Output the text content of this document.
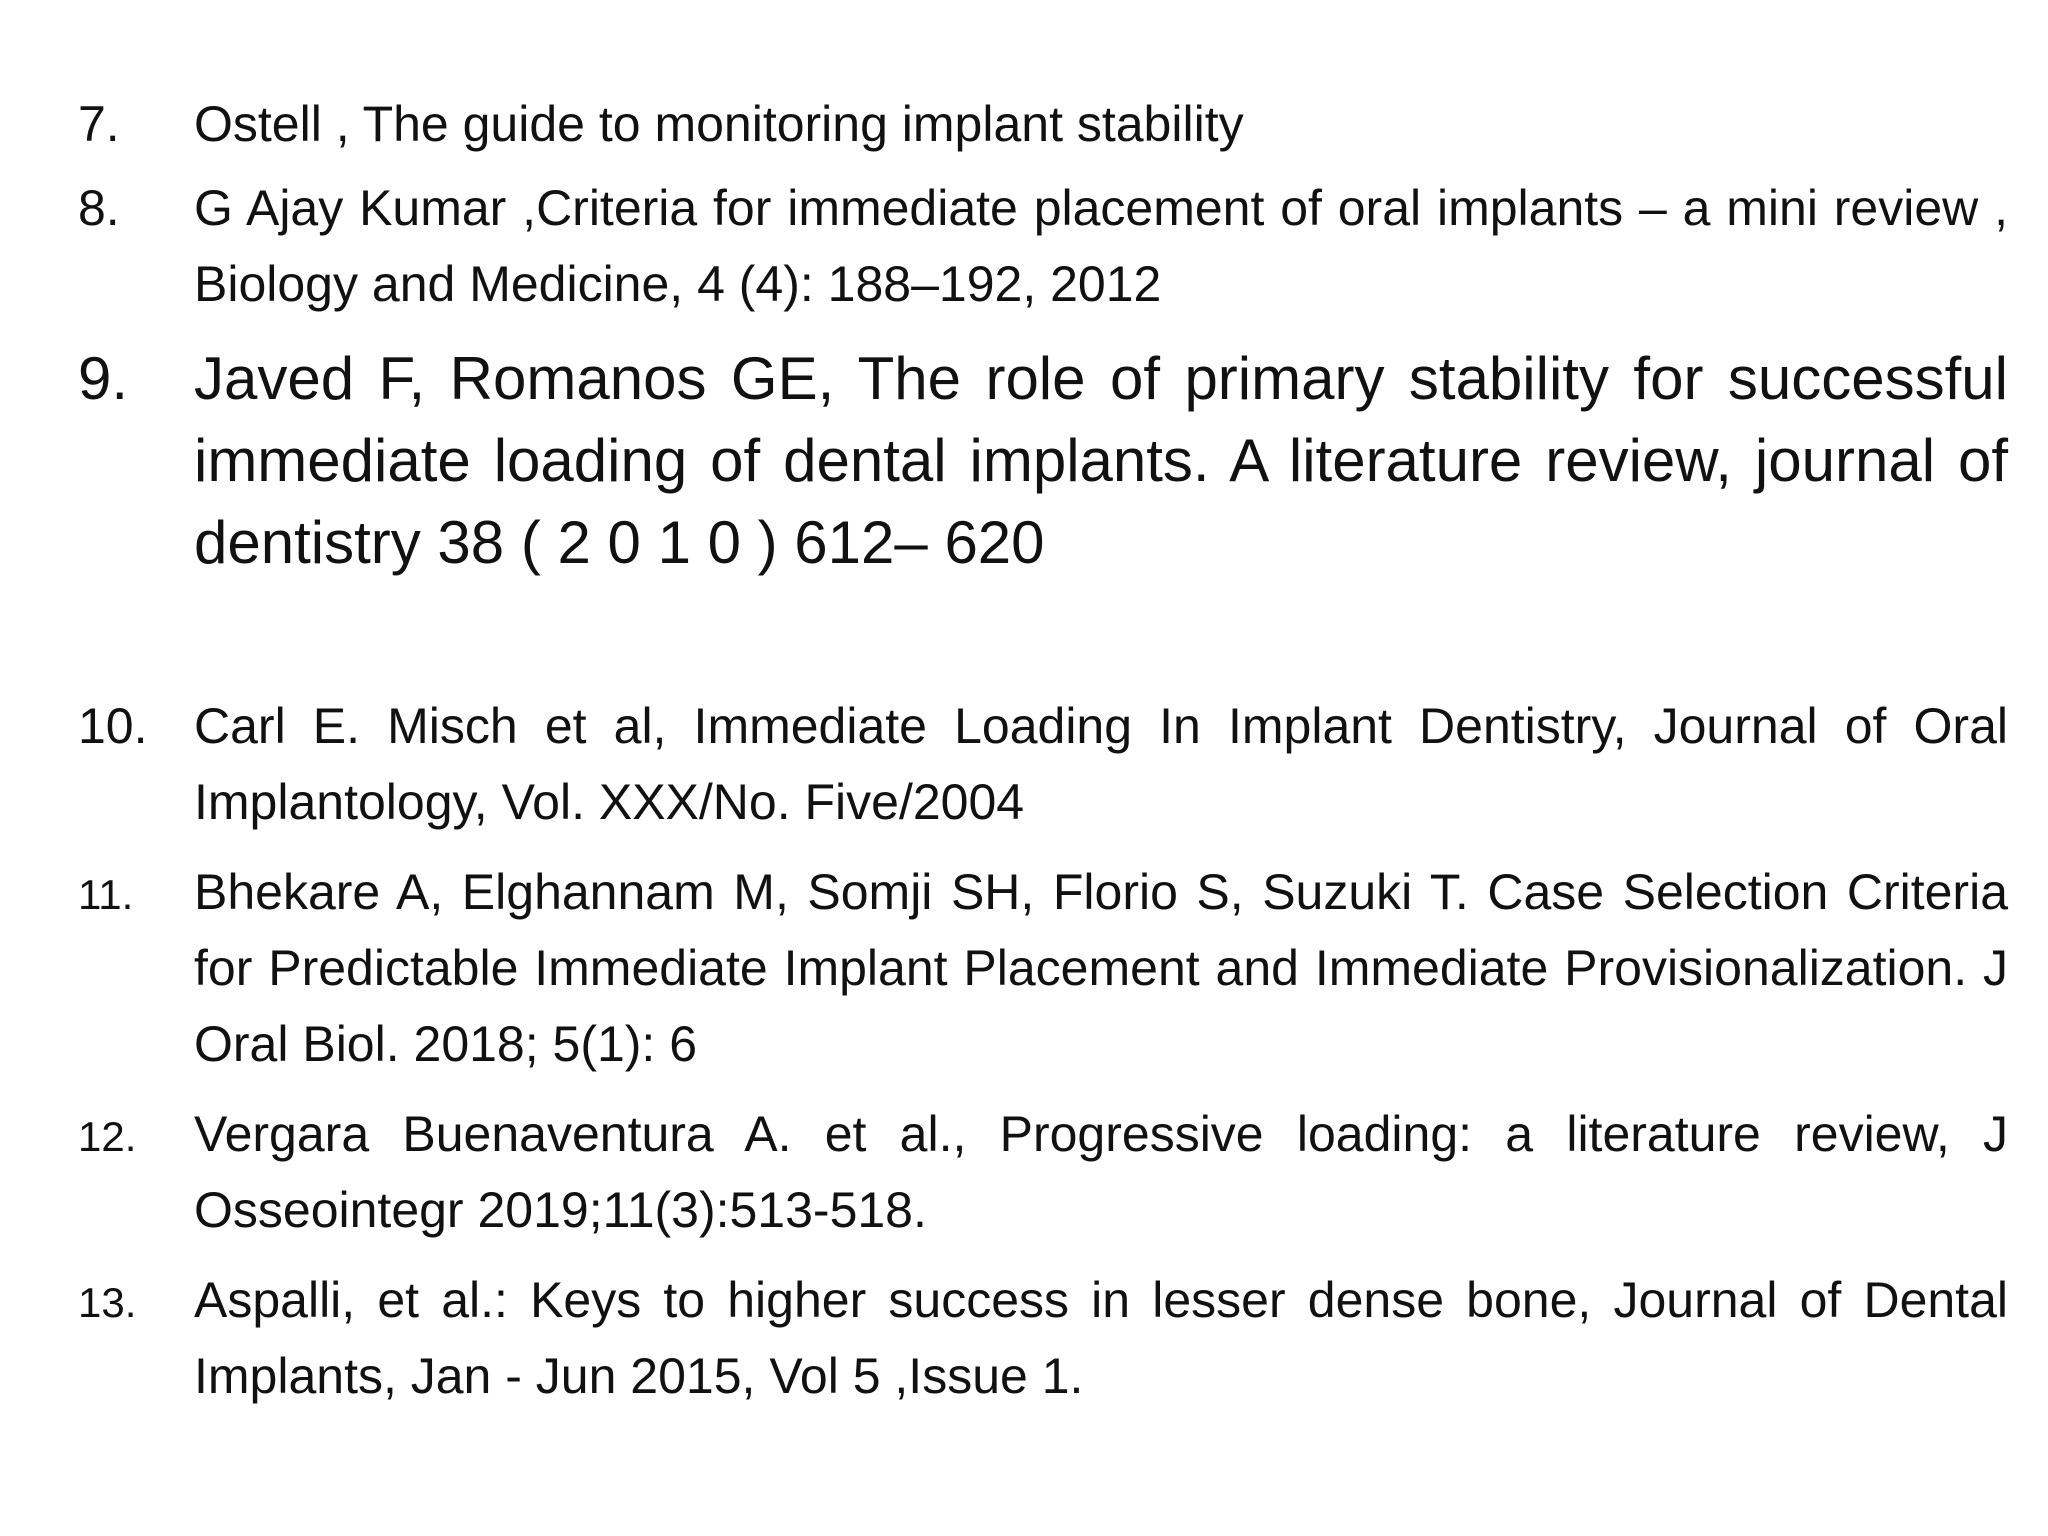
7.	Ostell , The guide to monitoring implant stability
8.	G Ajay Kumar ,Criteria for immediate placement of oral implants – a mini review , Biology and Medicine, 4 (4): 188–192, 2012
9.	Javed F, Romanos GE, The role of primary stability for successful immediate loading of dental implants. A literature review, journal of dentistry 38 ( 2 0 1 0 ) 612– 620
10. Carl E. Misch et al, Immediate Loading In Implant Dentistry, Journal of Oral Implantology, Vol. XXX/No. Five/2004
11.	Bhekare A, Elghannam M, Somji SH, Florio S, Suzuki T. Case Selection Criteria for Predictable Immediate Implant Placement and Immediate Provisionalization. J Oral Biol. 2018; 5(1): 6
12.	Vergara Buenaventura A. et al., Progressive loading: a literature review, J Osseointegr 2019;11(3):513-518.
13.	Aspalli, et al.: Keys to higher success in lesser dense bone, Journal of Dental Implants, Jan - Jun 2015, Vol 5 ,Issue 1.
